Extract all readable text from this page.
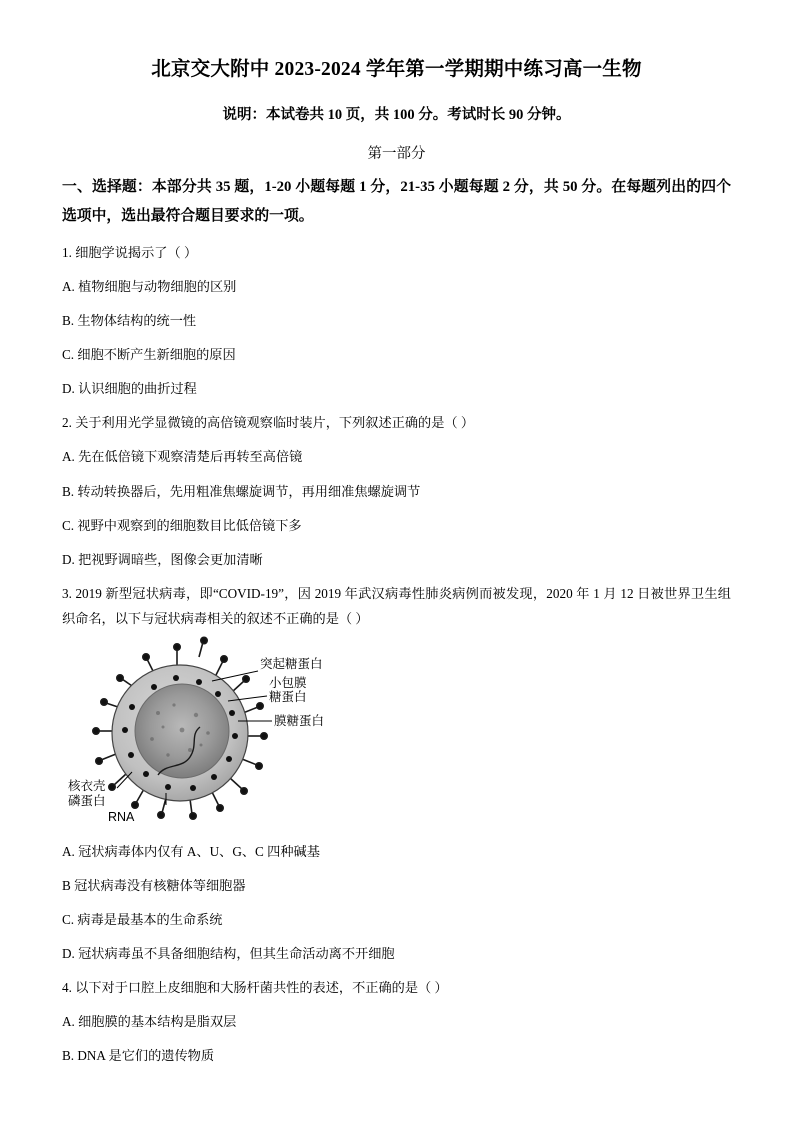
北京交大附中 2023-2024 学年第一学期期中练习高一生物
说明：本试卷共 10 页，共 100 分。考试时长 90 分钟。
第一部分
一、选择题：本部分共 35 题，1-20 小题每题 1 分，21-35 小题每题 2 分，共 50 分。在每题列出的四个选项中，选出最符合题目要求的一项。
1. 细胞学说揭示了（ ）
A. 植物细胞与动物细胞的区别
B. 生物体结构的统一性
C. 细胞不断产生新细胞的原因
D. 认识细胞的曲折过程
2. 关于利用光学显微镜的高倍镜观察临时装片，下列叙述正确的是（ ）
A. 先在低倍镜下观察清楚后再转至高倍镜
B. 转动转换器后，先用粗准焦螺旋调节，再用细准焦螺旋调节
C. 视野中观察到的细胞数目比低倍镜下多
D. 把视野调暗些，图像会更加清晰
3. 2019 新型冠状病毒，即“COVID-19”，因 2019 年武汉病毒性肺炎病例而被发现，2020 年 1 月 12 日被世界卫生组织命名，以下与冠状病毒相关的叙述不正确的是（ ）
突起糖蛋白
小包膜
糖蛋白
膜糖蛋白
核衣壳
磷蛋白
RNA
A. 冠状病毒体内仅有 A、U、G、C 四种碱基
B 冠状病毒没有核糖体等细胞器
C. 病毒是最基本的生命系统
D. 冠状病毒虽不具备细胞结构，但其生命活动离不开细胞
4. 以下对于口腔上皮细胞和大肠杆菌共性的表述，不正确的是（ ）
A. 细胞膜的基本结构是脂双层
B. DNA 是它们的遗传物质
